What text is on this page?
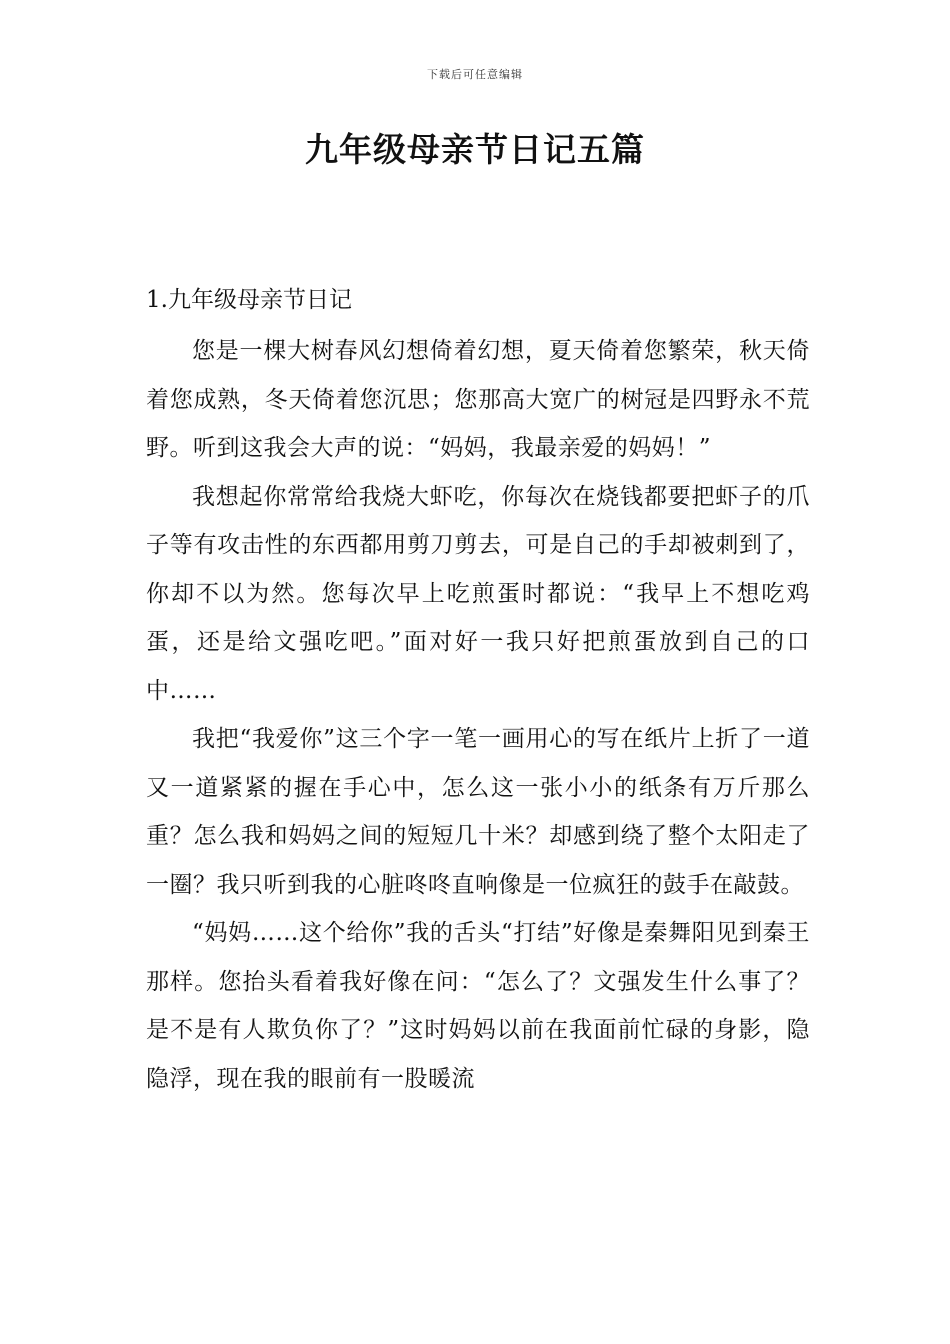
下载后可任意编辑
九年级母亲节日记五篇
1.九年级母亲节日记

您是一棵大树春风幻想倚着幻想，夏天倚着您繁荣，秋天倚着您成熟，冬天倚着您沉思；您那高大宽广的树冠是四野永不荒野。听到这我会大声的说：“妈妈，我最亲爱的妈妈！”

我想起你常常给我烧大虾吃，你每次在烧钱都要把虾子的爪子等有攻击性的东西都用剪刀剪去，可是自己的手却被刺到了，你却不以为然。您每次早上吃煎蛋时都说：“我早上不想吃鸡蛋，还是给文强吃吧。”面对好一我只好把煎蛋放到自己的口中……

我把“我爱你”这三个字一笔一画用心的写在纸片上折了一道又一道紧紧的握在手心中，怎么这一张小小的纸条有万斤那么重？怎么我和妈妈之间的短短几十米？却感到绕了整个太阳走了一圈？我只听到我的心脏咚咚直响像是一位疯狂的鼓手在敲鼓。

“妈妈……这个给你”我的舌头“打结”好像是秦舞阳见到秦王那样。您抬头看着我好像在问：“怎么了？文强发生什么事了？是不是有人欺负你了？”这时妈妈以前在我面前忙碌的身影，隐隐浮，现在我的眼前有一股暖流
